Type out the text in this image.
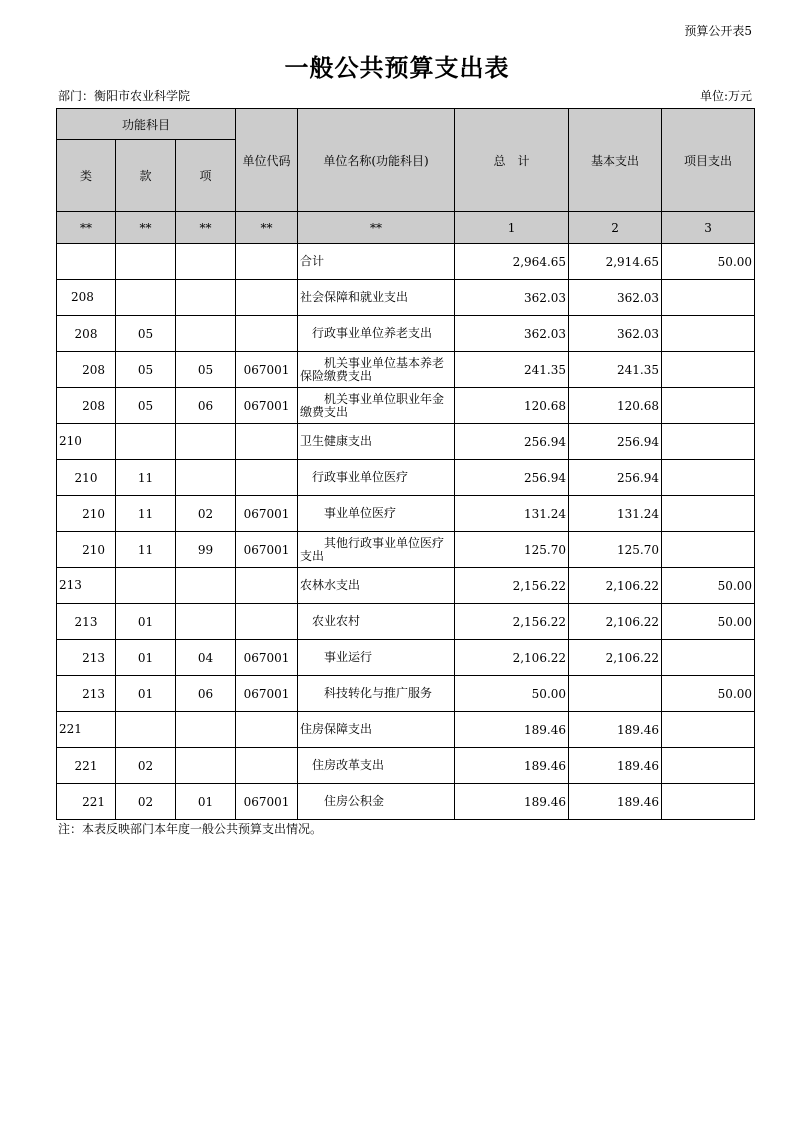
预算公开表5
一般公共预算支出表
部门：衡阳市农业科学院	单位:万元
功能科目			单位代码	单位名称(功能科目)	总　计	基本支出	项目支出
类	款	项					
**	**	**	**	**	1	2	3
				合计	2,964.65	2,914.65	50.00
208				社会保障和就业支出	362.03	362.03	
208	05			行政事业单位养老支出	362.03	362.03	
208	05	05	067001	机关事业单位基本养老保险缴费支出	241.35	241.35	
208	05	06	067001	机关事业单位职业年金缴费支出	120.68	120.68	
210				卫生健康支出	256.94	256.94	
210	11			行政事业单位医疗	256.94	256.94	
210	11	02	067001	事业单位医疗	131.24	131.24	
210	11	99	067001	其他行政事业单位医疗支出	125.70	125.70	
213				农林水支出	2,156.22	2,106.22	50.00
213	01			农业农村	2,156.22	2,106.22	50.00
213	01	04	067001	事业运行	2,106.22	2,106.22	
213	01	06	067001	科技转化与推广服务	50.00		50.00
221				住房保障支出	189.46	189.46	
221	02			住房改革支出	189.46	189.46	
221	02	01	067001	住房公积金	189.46	189.46	
注：本表反映部门本年度一般公共预算支出情况。
